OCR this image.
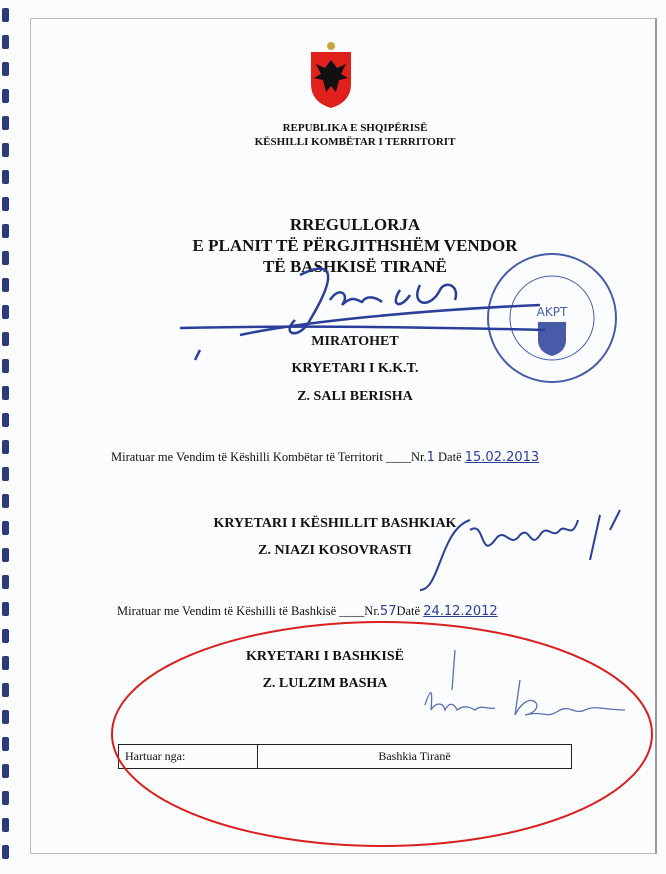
REPUBLIKA E SHQIPËRISË
KËSHILLI KOMBËTAR I TERRITORIT
RREGULLORJA
E PLANIT TË PËRGJITHSHËM VENDOR
TË BASHKISË TIRANË
MIRATOHET
KRYETARI I K.K.T.
Z. SALI BERISHA
Miratuar me Vendim të Këshilli Kombëtar të Territorit ____Nr.1 Datë 15.02.2013
KRYETARI I KËSHILLIT BASHKIAK
Z. NIAZI KOSOVRASTI
Miratuar me Vendim të Këshilli të Bashkisë ____Nr.57Datë 24.12.2012
KRYETARI I BASHKISË
Z. LULZIM BASHA
Hartuar nga:	Bashkia Tiranë
AKPT
